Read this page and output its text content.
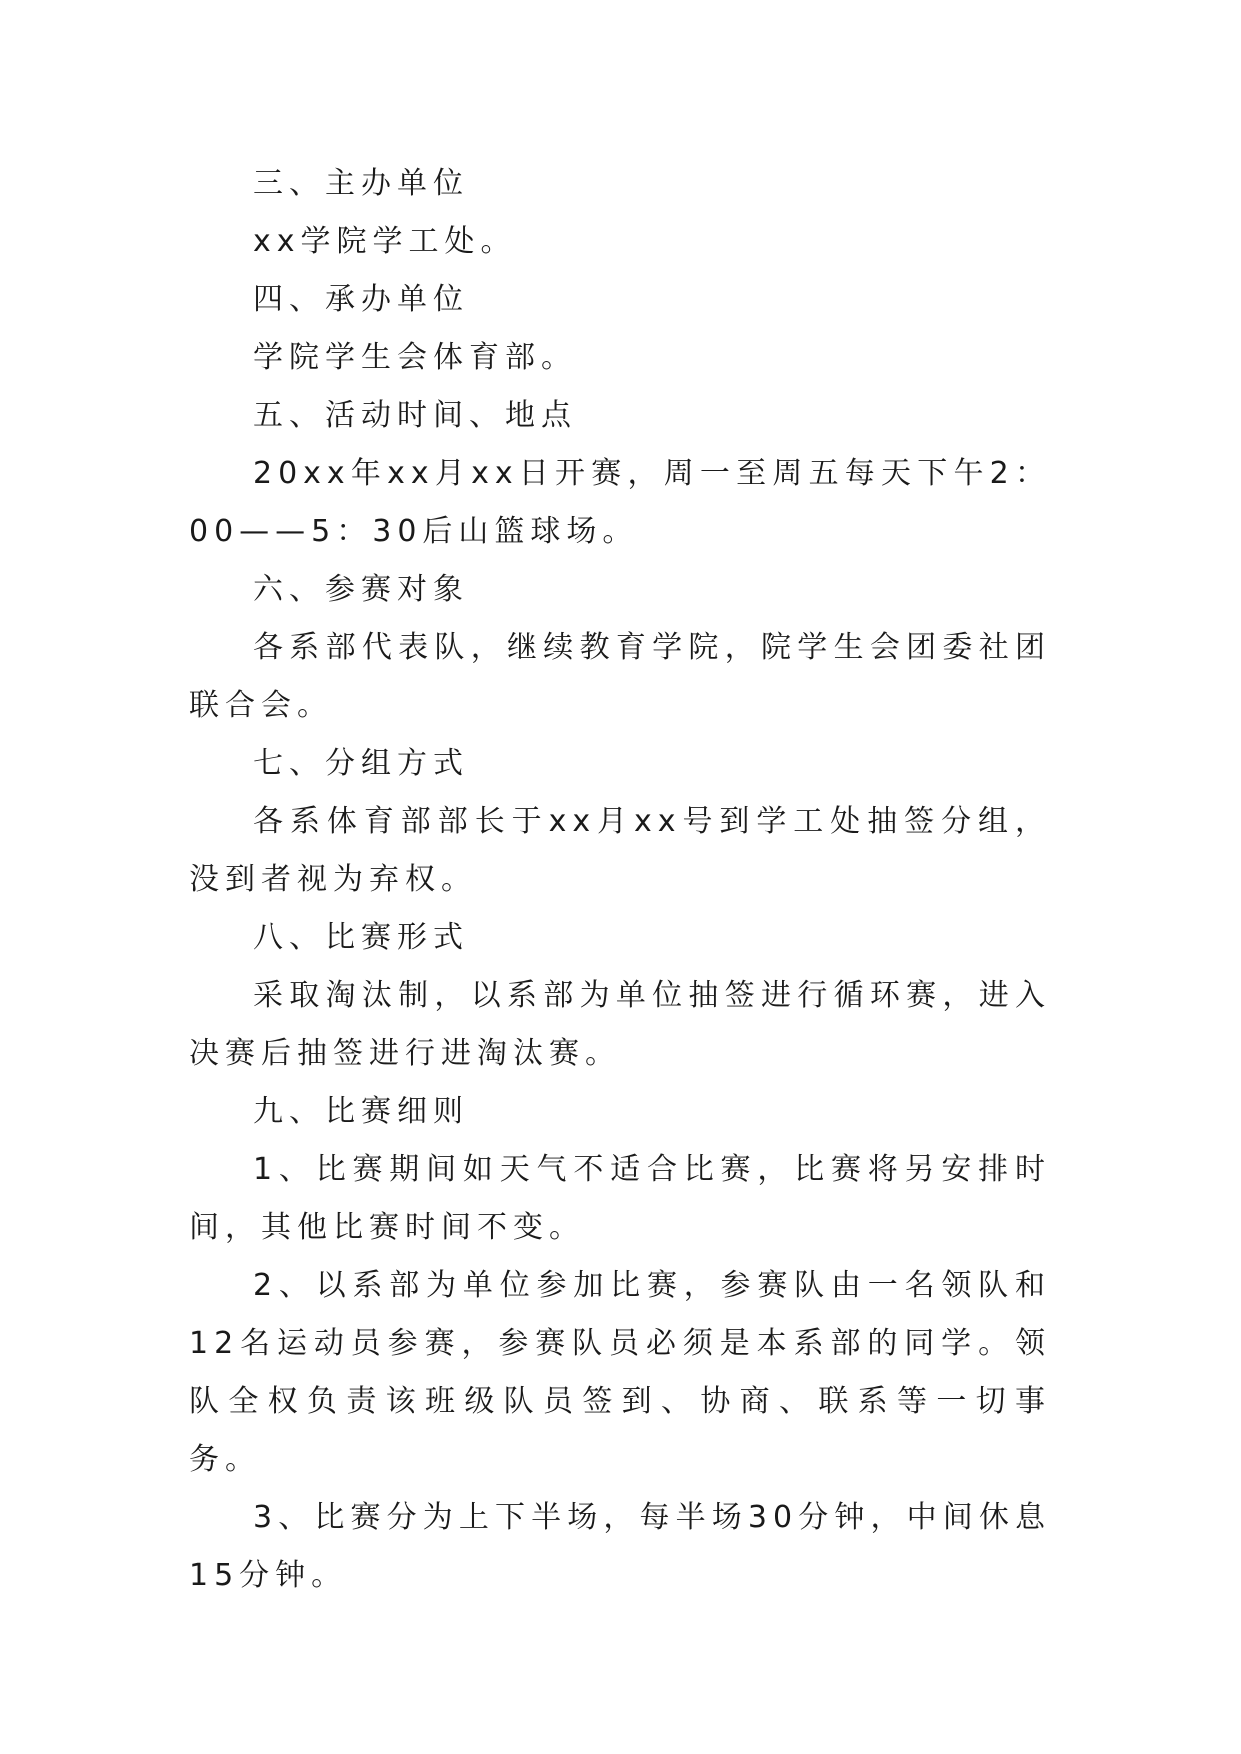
三、主办单位

xx学院学工处。

四、承办单位

学院学生会体育部。

五、活动时间、地点

20xx年xx月xx日开赛，周一至周五每天下午2：00——5：30后山篮球场。

六、参赛对象

各系部代表队，继续教育学院，院学生会团委社团联合会。

七、分组方式

各系体育部部长于xx月xx号到学工处抽签分组，没到者视为弃权。

八、比赛形式

采取淘汰制，以系部为单位抽签进行循环赛，进入决赛后抽签进行进淘汰赛。

九、比赛细则

1、比赛期间如天气不适合比赛，比赛将另安排时间，其他比赛时间不变。

2、以系部为单位参加比赛，参赛队由一名领队和12名运动员参赛，参赛队员必须是本系部的同学。领队全权负责该班级队员签到、协商、联系等一切事务。

3、比赛分为上下半场，每半场30分钟，中间休息15分钟。
